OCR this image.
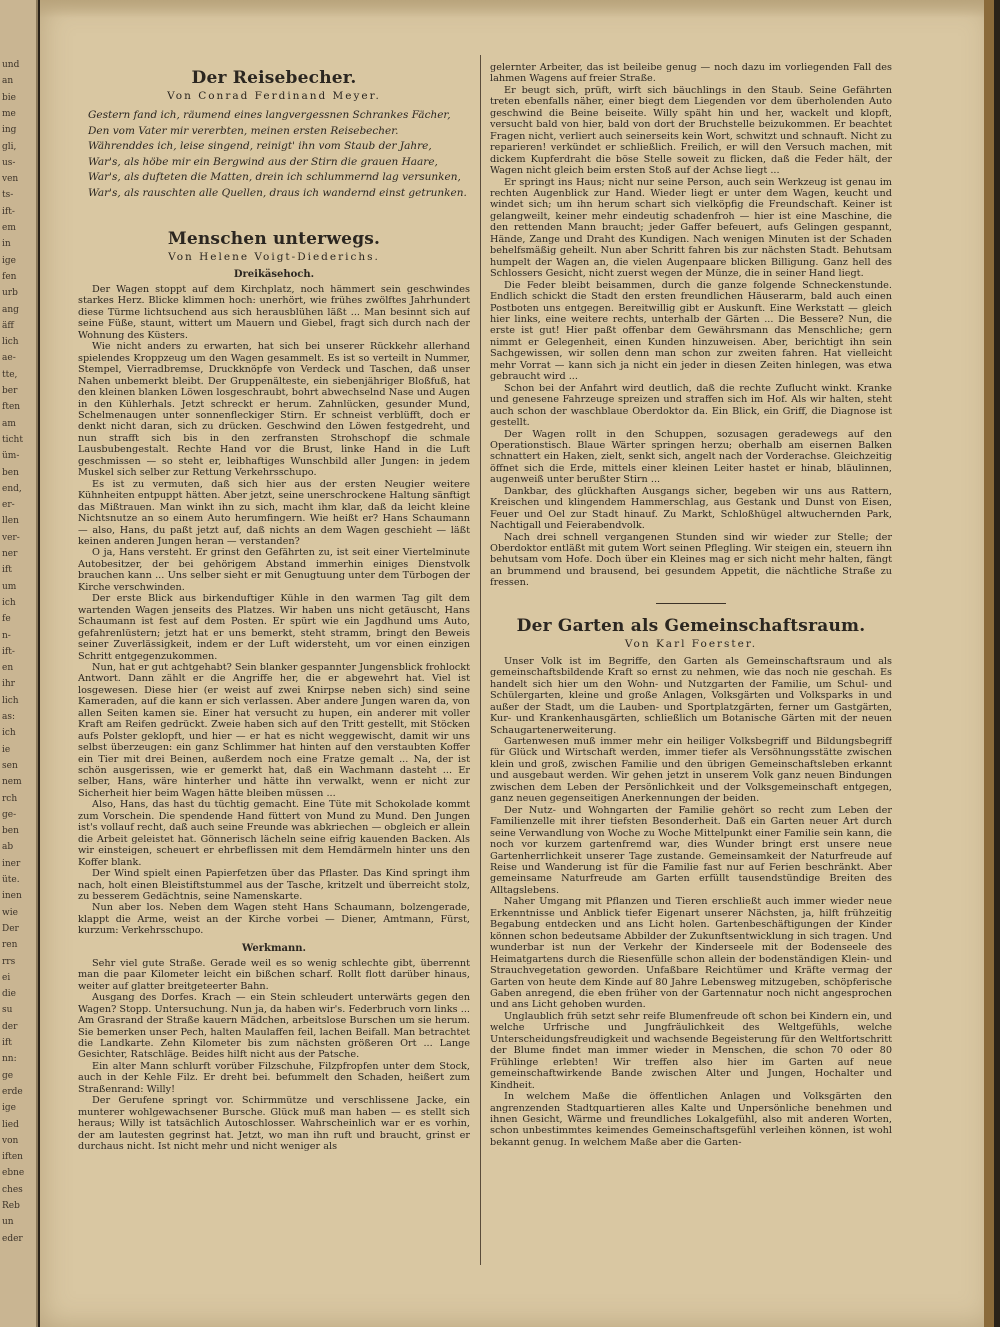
und
an
bie
me
ing
gli,
us-
ven
ts-
ift-
em
in
ige
fen
urb
ang
äff
lich
ae-
tte,
ber
ften
am
ticht
üm-
ben
end,
er-
llen
ver-
ner
ift
um
ich
fe
n-
ift-
en
ihr
lich
as:
ich
ie
sen
nem
rch
ge-
ben
ab
iner
üte.
inen
wie
Der
ren
rrs
ei
die
su
der
ift
nn:
ge
erde
ige
lied
von
iften
ebne
ches
Reb
un
eder
Der Reisebecher.
Von Conrad Ferdinand Meyer.
Gestern fand ich, räumend eines langvergessnen Schrankes Fächer,
Den vom Vater mir vererbten, meinen ersten Reisebecher.
Währenddes ich, leise singend, reinigt' ihn vom Staub der Jahre,
War's, als höbe mir ein Bergwind aus der Stirn die grauen Haare,
War's, als dufteten die Matten, drein ich schlummernd lag versunken,
War's, als rauschten alle Quellen, draus ich wandernd einst getrunken.
Menschen unterwegs.
Von Helene Voigt-Diederichs.
Dreikäsehoch.

Der Wagen stoppt auf dem Kirchplatz, noch hämmert sein geschwindes starkes Herz. Blicke klimmen hoch: unerhört, wie frühes zwölftes Jahrhundert diese Türme lichtsuchend aus sich herausblühen läßt ... Man besinnt sich auf seine Füße, staunt, wittert um Mauern und Giebel, fragt sich durch nach der Wohnung des Küsters.

Wie nicht anders zu erwarten, hat sich bei unserer Rückkehr allerhand spielendes Kroppzeug um den Wagen gesammelt. Es ist so verteilt in Nummer, Stempel, Vierradbremse, Druckknöpfe von Verdeck und Taschen, daß unser Nahen unbemerkt bleibt. Der Gruppenälteste, ein siebenjähriger Bloßfuß, hat den kleinen blanken Löwen losgeschraubt, bohrt abwechselnd Nase und Augen in den Kühlerhals. Jetzt schreckt er herum. Zahnlücken, gesunder Mund, Schelmenaugen unter sonnenfleckiger Stirn. Er schneist verblüfft, doch er denkt nicht daran, sich zu drücken. Geschwind den Löwen festgedreht, und nun strafft sich bis in den zerfransten Strohschopf die schmale Lausbubengestalt. Rechte Hand vor die Brust, linke Hand in die Luft geschmissen — so steht er, leibhaftiges Wunschbild aller Jungen: in jedem Muskel sich selber zur Rettung Verkehrsschupo.

Es ist zu vermuten, daß sich hier aus der ersten Neugier weitere Kühnheiten entpuppt hätten. Aber jetzt, seine unerschrockene Haltung sänftigt das Mißtrauen. Man winkt ihn zu sich, macht ihm klar, daß da leicht kleine Nichtsnutze an so einem Auto herumfingern. Wie heißt er? Hans Schaumann — also, Hans, du paßt jetzt auf, daß nichts an dem Wagen geschieht — läßt keinen anderen Jungen heran — verstanden?

O ja, Hans versteht. Er grinst den Gefährten zu, ist seit einer Viertelminute Autobesitzer, der bei gehörigem Abstand immerhin einiges Dienstvolk brauchen kann ... Uns selber sieht er mit Genugtuung unter dem Türbogen der Kirche verschwinden.

Der erste Blick aus birkenduftiger Kühle in den warmen Tag gilt dem wartenden Wagen jenseits des Platzes. Wir haben uns nicht getäuscht, Hans Schaumann ist fest auf dem Posten. Er spürt wie ein Jagdhund ums Auto, gefahrenlüstern; jetzt hat er uns bemerkt, steht stramm, bringt den Beweis seiner Zuverlässigkeit, indem er der Luft widersteht, um vor einen einzigen Schritt entgegenzukommen.

Nun, hat er gut achtgehabt? Sein blanker gespannter Jungensblick frohlockt Antwort. Dann zählt er die Angriffe her, die er abgewehrt hat. Viel ist losgewesen. Diese hier (er weist auf zwei Knirpse neben sich) sind seine Kameraden, auf die kann er sich verlassen. Aber andere Jungen waren da, von allen Seiten kamen sie. Einer hat versucht zu hupen, ein anderer mit voller Kraft am Reifen gedrückt. Zweie haben sich auf den Tritt gestellt, mit Stöcken aufs Polster geklopft, und hier — er hat es nicht weggewischt, damit wir uns selbst überzeugen: ein ganz Schlimmer hat hinten auf den verstaubten Koffer ein Tier mit drei Beinen, außerdem noch eine Fratze gemalt ... Na, der ist schön ausgerissen, wie er gemerkt hat, daß ein Wachmann dasteht ... Er selber, Hans, wäre hinterher und hätte ihn verwalkt, wenn er nicht zur Sicherheit hier beim Wagen hätte bleiben müssen ...

Also, Hans, das hast du tüchtig gemacht. Eine Tüte mit Schokolade kommt zum Vorschein. Die spendende Hand füttert von Mund zu Mund. Den Jungen ist's vollauf recht, daß auch seine Freunde was abkriechen — obgleich er allein die Arbeit geleistet hat. Gönnerisch lächeln seine eifrig kauenden Backen. Als wir einsteigen, scheuert er ehrbeflissen mit dem Hemdärmeln hinter uns den Koffer blank.

Der Wind spielt einen Papierfetzen über das Pflaster. Das Kind springt ihm nach, holt einen Bleistiftstummel aus der Tasche, kritzelt und überreicht stolz, zu besserem Gedächtnis, seine Namenskarte.

Nun aber los. Neben dem Wagen steht Hans Schaumann, bolzengerade, klappt die Arme, weist an der Kirche vorbei — Diener, Amtmann, Fürst, kurzum: Verkehrsschupo.

Werkmann.

Sehr viel gute Straße. Gerade weil es so wenig schlechte gibt, überrennt man die paar Kilometer leicht ein bißchen scharf. Rollt flott darüber hinaus, weiter auf glatter breitgeteerter Bahn.

Ausgang des Dorfes. Krach — ein Stein schleudert unterwärts gegen den Wagen? Stopp. Untersuchung. Nun ja, da haben wir's. Federbruch vorn links ... Am Grasrand der Straße kauern Mädchen, arbeitslose Burschen um sie herum. Sie bemerken unser Pech, halten Maulaffen feil, lachen Beifall. Man betrachtet die Landkarte. Zehn Kilometer bis zum nächsten größeren Ort ... Lange Gesichter, Ratschläge. Beides hilft nicht aus der Patsche.

Ein alter Mann schlurft vorüber Filzschuhe, Filzpfropfen unter dem Stock, auch in der Kehle Filz. Er dreht bei. befummelt den Schaden, heißert zum Straßenrand: Willy!

Der Gerufene springt vor. Schirmmütze und verschlissene Jacke, ein munterer wohlgewachsener Bursche. Glück muß man haben — es stellt sich heraus; Willy ist tatsächlich Autoschlosser. Wahrscheinlich war er es vorhin, der am lautesten gegrinst hat. Jetzt, wo man ihn ruft und braucht, grinst er durchaus nicht. Ist nicht mehr und nicht weniger als

gelernter Arbeiter, das ist beileibe genug — noch dazu im vorliegenden Fall des lahmen Wagens auf freier Straße.

Er beugt sich, prüft, wirft sich bäuchlings in den Staub. Seine Gefährten treten ebenfalls näher, einer biegt dem Liegenden vor dem überholenden Auto geschwind die Beine beiseite. Willy späht hin und her, wackelt und klopft, versucht bald von hier, bald von dort der Bruchstelle beizukommen. Er beachtet Fragen nicht, verliert auch seinerseits kein Wort, schwitzt und schnauft. Nicht zu reparieren! verkündet er schließlich. Freilich, er will den Versuch machen, mit dickem Kupferdraht die böse Stelle soweit zu flicken, daß die Feder hält, der Wagen nicht gleich beim ersten Stoß auf der Achse liegt ...

Er springt ins Haus; nicht nur seine Person, auch sein Werkzeug ist genau im rechten Augenblick zur Hand. Wieder liegt er unter dem Wagen, keucht und windet sich; um ihn herum schart sich vielköpfig die Freundschaft. Keiner ist gelangweilt, keiner mehr eindeutig schadenfroh — hier ist eine Maschine, die den rettenden Mann braucht; jeder Gaffer befeuert, aufs Gelingen gespannt, Hände, Zange und Draht des Kundigen. Nach wenigen Minuten ist der Schaden behelfsmäßig geheilt. Nun aber Schritt fahren bis zur nächsten Stadt. Behutsam humpelt der Wagen an, die vielen Augenpaare blicken Billigung. Ganz hell des Schlossers Gesicht, nicht zuerst wegen der Münze, die in seiner Hand liegt.

Die Feder bleibt beisammen, durch die ganze folgende Schneckenstunde. Endlich schickt die Stadt den ersten freundlichen Häuserarm, bald auch einen Postboten uns entgegen. Bereitwillig gibt er Auskunft. Eine Werkstatt — gleich hier links, eine weitere rechts, unterhalb der Gärten ... Die Bessere? Nun, die erste ist gut! Hier paßt offenbar dem Gewährsmann das Menschliche; gern nimmt er Gelegenheit, einen Kunden hinzuweisen. Aber, berichtigt ihn sein Sachgewissen, wir sollen denn man schon zur zweiten fahren. Hat vielleicht mehr Vorrat — kann sich ja nicht ein jeder in diesen Zeiten hinlegen, was etwa gebraucht wird ...

Schon bei der Anfahrt wird deutlich, daß die rechte Zuflucht winkt. Kranke und genesene Fahrzeuge spreizen und straffen sich im Hof. Als wir halten, steht auch schon der waschblaue Oberdoktor da. Ein Blick, ein Griff, die Diagnose ist gestellt.

Der Wagen rollt in den Schuppen, sozusagen geradewegs auf den Operationstisch. Blaue Wärter springen herzu; oberhalb am eisernen Balken schnattert ein Haken, zielt, senkt sich, angelt nach der Vorderachse. Gleichzeitig öffnet sich die Erde, mittels einer kleinen Leiter hastet er hinab, bläulinnen, augenweiß unter berußter Stirn ...

Dankbar, des glückhaften Ausgangs sicher, begeben wir uns aus Rattern, Kreischen und klingendem Hammerschlag, aus Gestank und Dunst von Eisen, Feuer und Oel zur Stadt hinauf. Zu Markt, Schloßhügel altwuchernden Park, Nachtigall und Feierabendvolk.

Nach drei schnell vergangenen Stunden sind wir wieder zur Stelle; der Oberdoktor entläßt mit gutem Wort seinen Pflegling. Wir steigen ein, steuern ihn behutsam vom Hofe. Doch über ein Kleines mag er sich nicht mehr halten, fängt an brummend und brausend, bei gesundem Appetit, die nächtliche Straße zu fressen.

Der Garten als Gemeinschaftsraum.
Von Karl Foerster.

Unser Volk ist im Begriffe, den Garten als Gemeinschaftsraum und als gemeinschaftsbildende Kraft so ernst zu nehmen, wie das noch nie geschah. Es handelt sich hier um den Wohn- und Nutzgarten der Familie, um Schul- und Schülergarten, kleine und große Anlagen, Volksgärten und Volksparks in und außer der Stadt, um die Lauben- und Sportplatzgärten, ferner um Gastgärten, Kur- und Krankenhausgärten, schließlich um Botanische Gärten mit der neuen Schaugartenerweiterung.

Gartenwesen muß immer mehr ein heiliger Volksbegriff und Bildungsbegriff für Glück und Wirtschaft werden, immer tiefer als Versöhnungsstätte zwischen klein und groß, zwischen Familie und den übrigen Gemeinschaftsleben erkannt und ausgebaut werden. Wir gehen jetzt in unserem Volk ganz neuen Bindungen zwischen dem Leben der Persönlichkeit und der Volksgemeinschaft entgegen, ganz neuen gegenseitigen Anerkennungen der beiden.

Der Nutz- und Wohngarten der Familie gehört so recht zum Leben der Familienzelle mit ihrer tiefsten Besonderheit. Daß ein Garten neuer Art durch seine Verwandlung von Woche zu Woche Mittelpunkt einer Familie sein kann, die noch vor kurzem gartenfremd war, dies Wunder bringt erst unsere neue Gartenherrlichkeit unserer Tage zustande. Gemeinsamkeit der Naturfreude auf Reise und Wanderung ist für die Familie fast nur auf Ferien beschränkt. Aber gemeinsame Naturfreude am Garten erfüllt tausendstündige Breiten des Alltagslebens.

Naher Umgang mit Pflanzen und Tieren erschließt auch immer wieder neue Erkenntnisse und Anblick tiefer Eigenart unserer Nächsten, ja, hilft frühzeitig Begabung entdecken und ans Licht holen. Gartenbeschäftigungen der Kinder können schon bedeutsame Abbilder der Zukunftsentwicklung in sich tragen. Und wunderbar ist nun der Verkehr der Kinderseele mit der Bodenseele des Heimatgartens durch die Riesenfülle schon allein der bodenständigen Klein- und Strauchvegetation geworden. Unfaßbare Reichtümer und Kräfte vermag der Garten von heute dem Kinde auf 80 Jahre Lebensweg mitzugeben, schöpferische Gaben anregend, die eben früher von der Gartennatur noch nicht angesprochen und ans Licht gehoben wurden.

Unglaublich früh setzt sehr reife Blumenfreude oft schon bei Kindern ein, und welche Urfrische und Jungfräulichkeit des Weltgefühls, welche Unterscheidungsfreudigkeit und wachsende Begeisterung für den Weltfortschritt der Blume findet man immer wieder in Menschen, die schon 70 oder 80 Frühlinge erlebten! Wir treffen also hier im Garten auf neue gemeinschaftwirkende Bande zwischen Alter und Jungen, Hochalter und Kindheit.

In welchem Maße die öffentlichen Anlagen und Volksgärten den angrenzenden Stadtquartieren alles Kalte und Unpersönliche benehmen und ihnen Gesicht, Wärme und freundliches Lokalgefühl, also mit anderen Worten, schon unbestimmtes keimendes Gemeinschaftsgefühl verleihen können, ist wohl bekannt genug. In welchem Maße aber die Garten-
